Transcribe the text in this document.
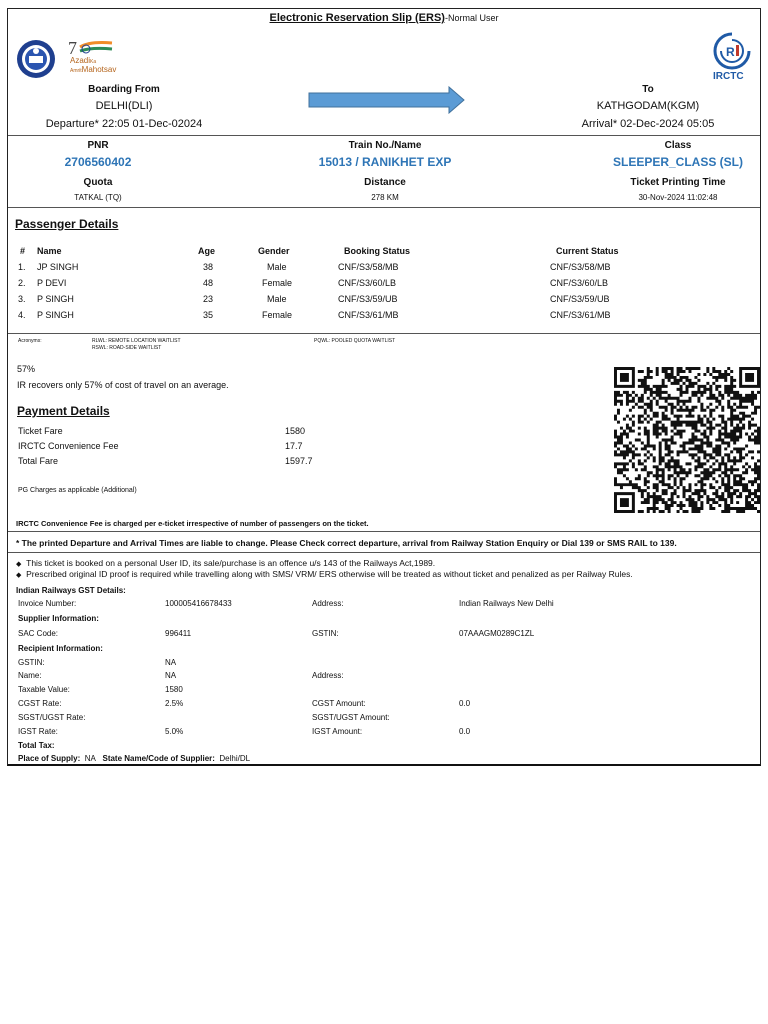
Electronic Reservation Slip (ERS)-Normal User
7
AzadiKa
AmritMahotsav
R
IRCTC
Boarding From
DELHI(DLI)
Departure* 22:05 01-Dec-02024
To
KATHGODAM(KGM)
Arrival* 02-Dec-2024 05:05
PNR
2706560402
Quota
TATKAL (TQ)
Train No./Name
15013 / RANIKHET EXP
Distance
278 KM
Class
SLEEPER_CLASS (SL)
Ticket Printing Time
30-Nov-2024 11:02:48
Passenger Details
# Name	Age	Gender	Booking Status	Current Status
1. JP SINGH	38	Male	CNF/S3/58/MB	CNF/S3/58/MB
2. P DEVI	48	Female	CNF/S3/60/LB	CNF/S3/60/LB
3. P SINGH	23	Male	CNF/S3/59/UB	CNF/S3/59/UB
4. P SINGH	35	Female	CNF/S3/61/MB	CNF/S3/61/MB
Acronyms:	RLWL: REMOTE LOCATION WAITLIST
RSWL: ROAD-SIDE WAITLIST
PQWL: POOLED QUOTA WAITLIST
57%
IR recovers only 57% of cost of travel on an average.
Payment Details
Ticket Fare	1580
IRCTC Convenience Fee	17.7
Total Fare	1597.7
PG Charges as applicable (Additional)
IRCTC Convenience Fee is charged per e-ticket irrespective of number of passengers on the ticket.
* The printed Departure and Arrival Times are liable to change. Please Check correct departure, arrival from Railway Station Enquiry or Dial 139 or SMS RAIL to 139.
◆ This ticket is booked on a personal User ID, its sale/purchase is an offence u/s 143 of the Railways Act,1989.
◆ Prescribed original ID proof is required while travelling along with SMS/ VRM/ ERS otherwise will be treated as without ticket and penalized as per Railway Rules.
Indian Railways GST Details:
Invoice Number:	100005416678433	Address:	Indian Railways New Delhi
Supplier Information:
SAC Code:	996411	GSTIN:	07AAAGM0289C1ZL
Recipient Information:
GSTIN:	NA
Name:	NA	Address:
Taxable Value:	1580
CGST Rate:	2.5%	CGST Amount:	0.0
SGST/UGST Rate:	SGST/UGST Amount:
IGST Rate:	5.0%	IGST Amount:	0.0
Total Tax:
Place of Supply: NA State Name/Code of Supplier: Delhi/DL
